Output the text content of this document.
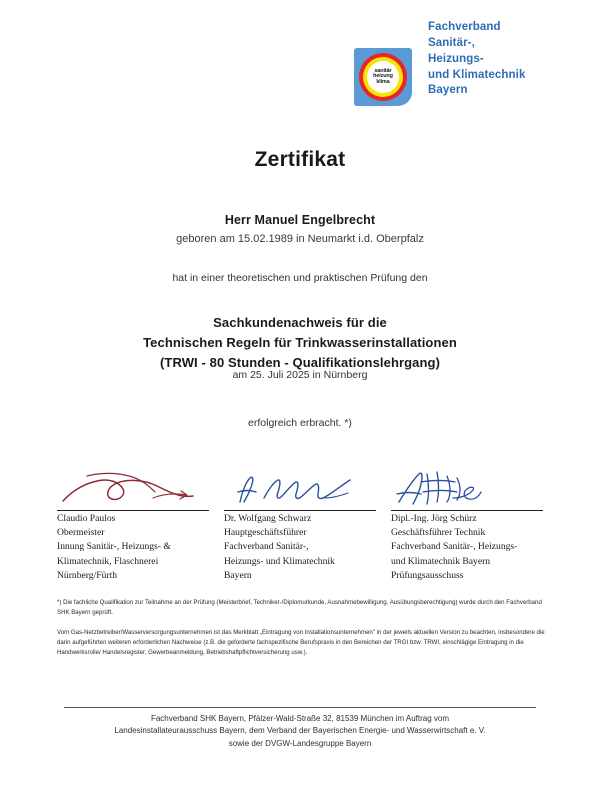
sanitär
heizung
klima
Fachverband
Sanitär-,
Heizungs-
und Klimatechnik
Bayern
Zertifikat
Herr Manuel Engelbrecht
geboren am 15.02.1989 in Neumarkt i.d. Oberpfalz
hat in einer theoretischen und praktischen Prüfung den
Sachkundenachweis für die
Technischen Regeln für Trinkwasserinstallationen
(TRWI - 80 Stunden - Qualifikationslehrgang)
am 25. Juli 2025 in Nürnberg
erfolgreich erbracht. *)
Claudio Paulos
Obermeister
Innung Sanitär-, Heizungs- &
Klimatechnik, Flaschnerei
Nürnberg/Fürth
Dr. Wolfgang Schwarz
Hauptgeschäftsführer
Fachverband Sanitär-,
Heizungs- und Klimatechnik
Bayern
Dipl.-Ing. Jörg Schürz
Geschäftsführer Technik
Fachverband Sanitär-, Heizungs-
und Klimatechnik Bayern
Prüfungsausschuss

*) Die fachliche Qualifikation zur Teilnahme an der Prüfung (Meisterbrief, Techniker-/Diplomurkunde, Ausnahmebewilligung, Ausübungsberechtigung) wurde durch den Fachverband SHK Bayern geprüft.

Vom Gas-Netzbetreiber/Wasserversorgungsunternehmen ist das Merkblatt „Eintragung von Installationsunternehmen" in der jeweils aktuellen Version zu beachten, insbesondere die darin aufgeführten weiteren erforderlichen Nachweise (z.B. die geforderte fachspezifische Berufspraxis in den Bereichen der TRGI bzw. TRWI, einschlägige Eintragung in die Handwerksrolle/ Handelsregister, Gewerbeanmeldung, Betriebshaftpflichtversicherung usw.).

Fachverband SHK Bayern, Pfälzer-Wald-Straße 32, 81539 München im Auftrag vom
Landesinstallateurausschuss Bayern, dem Verband der Bayerischen Energie- und Wasserwirtschaft e. V.
sowie der DVGW-Landesgruppe Bayern
